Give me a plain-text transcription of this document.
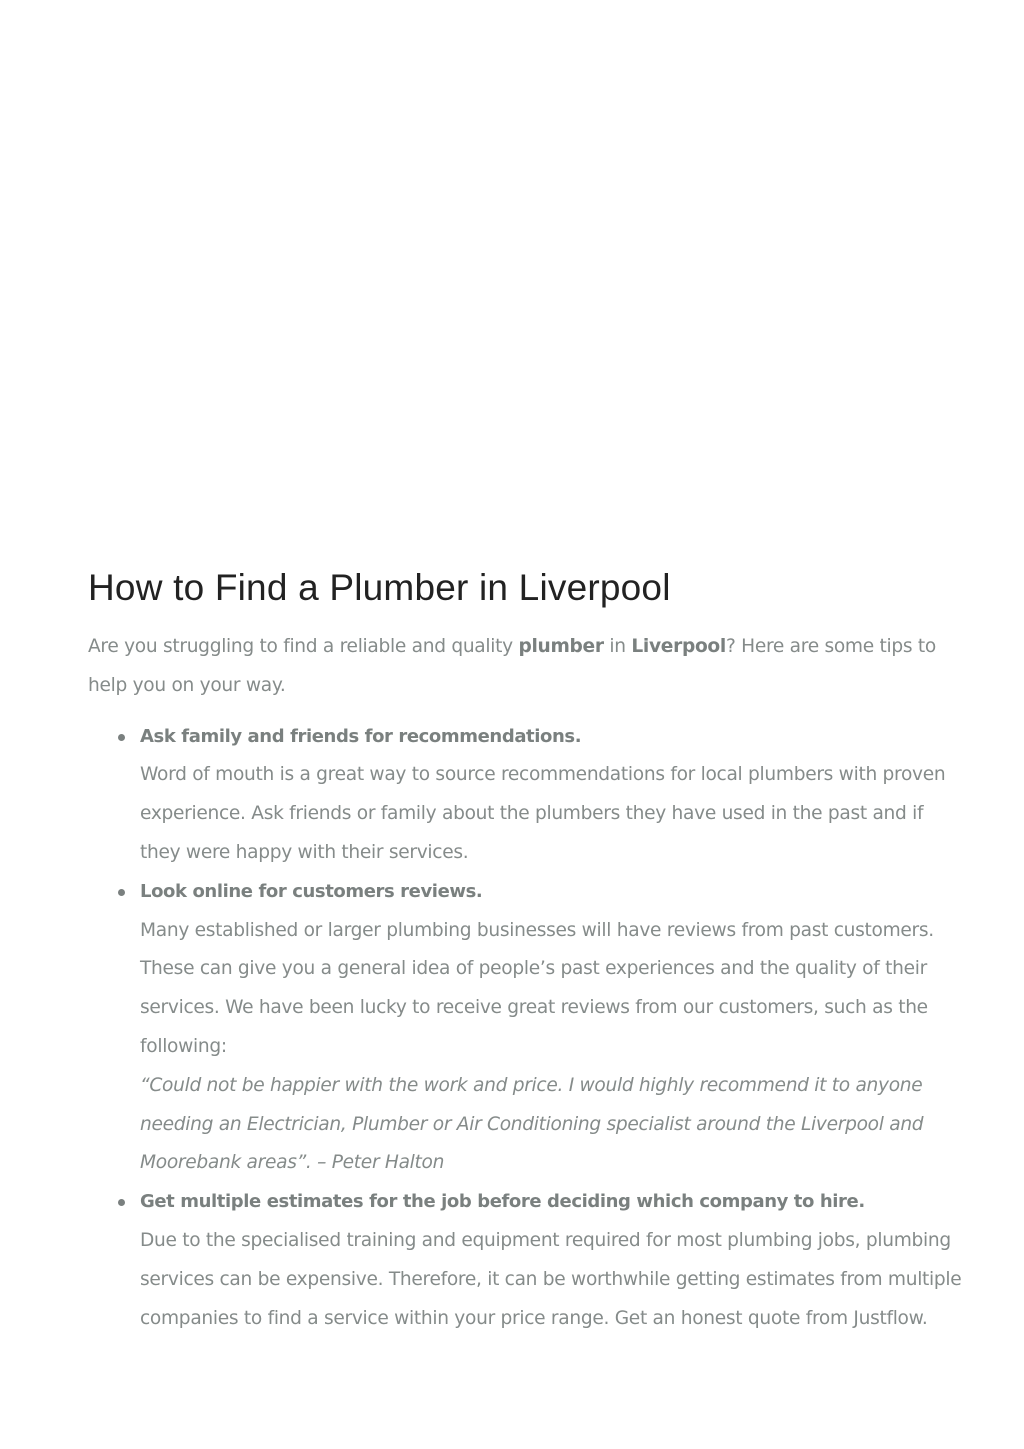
How to Find a Plumber in Liverpool

Are you struggling to find a reliable and quality plumber in Liverpool? Here are some tips to help you on your way.

Ask family and friends for recommendations.
Word of mouth is a great way to source recommendations for local plumbers with proven experience. Ask friends or family about the plumbers they have used in the past and if they were happy with their services.
Look online for customers reviews.
Many established or larger plumbing businesses will have reviews from past customers. These can give you a general idea of people’s past experiences and the quality of their services. We have been lucky to receive great reviews from our customers, such as the following:
“Could not be happier with the work and price. I would highly recommend it to anyone needing an Electrician, Plumber or Air Conditioning specialist around the Liverpool and Moorebank areas”. – Peter Halton
Get multiple estimates for the job before deciding which company to hire.
Due to the specialised training and equipment required for most plumbing jobs, plumbing services can be expensive. Therefore, it can be worthwhile getting estimates from multiple companies to find a service within your price range. Get an honest quote from Justflow.
